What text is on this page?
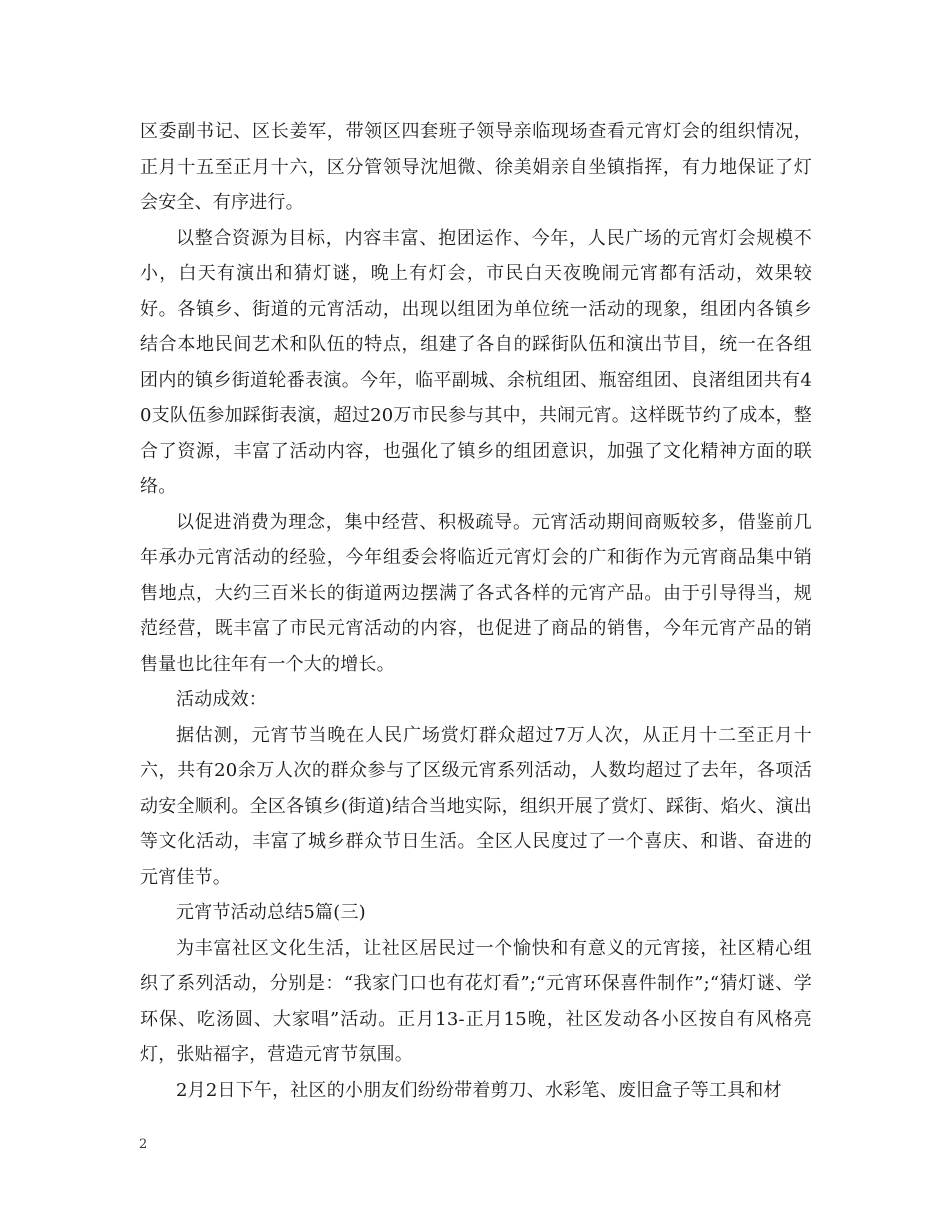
区委副书记、区长姜军，带领区四套班子领导亲临现场查看元宵灯会的组织情况，正月十五至正月十六，区分管领导沈旭微、徐美娟亲自坐镇指挥，有力地保证了灯会安全、有序进行。

以整合资源为目标，内容丰富、抱团运作、今年，人民广场的元宵灯会规模不小，白天有演出和猜灯谜，晚上有灯会，市民白天夜晚闹元宵都有活动，效果较好。各镇乡、街道的元宵活动，出现以组团为单位统一活动的现象，组团内各镇乡结合本地民间艺术和队伍的特点，组建了各自的踩街队伍和演出节目，统一在各组团内的镇乡街道轮番表演。今年，临平副城、余杭组团、瓶窑组团、良渚组团共有40支队伍参加踩街表演，超过20万市民参与其中，共闹元宵。这样既节约了成本，整合了资源，丰富了活动内容，也强化了镇乡的组团意识，加强了文化精神方面的联络。

以促进消费为理念，集中经营、积极疏导。元宵活动期间商贩较多，借鉴前几年承办元宵活动的经验，今年组委会将临近元宵灯会的广和街作为元宵商品集中销售地点，大约三百米长的街道两边摆满了各式各样的元宵产品。由于引导得当，规范经营，既丰富了市民元宵活动的内容，也促进了商品的销售，今年元宵产品的销售量也比往年有一个大的增长。

活动成效：

据估测，元宵节当晚在人民广场赏灯群众超过7万人次，从正月十二至正月十六，共有20余万人次的群众参与了区级元宵系列活动，人数均超过了去年，各项活动安全顺利。全区各镇乡(街道)结合当地实际，组织开展了赏灯、踩街、焰火、演出等文化活动，丰富了城乡群众节日生活。全区人民度过了一个喜庆、和谐、奋进的元宵佳节。

元宵节活动总结5篇(三)

为丰富社区文化生活，让社区居民过一个愉快和有意义的元宵接，社区精心组织了系列活动，分别是：“我家门口也有花灯看”;“元宵环保喜件制作”;“猜灯谜、学环保、吃汤圆、大家唱”活动。正月13-正月15晚，社区发动各小区按自有风格亮灯，张贴福字，营造元宵节氛围。

2月2日下午，社区的小朋友们纷纷带着剪刀、水彩笔、废旧盒子等工具和材

2
